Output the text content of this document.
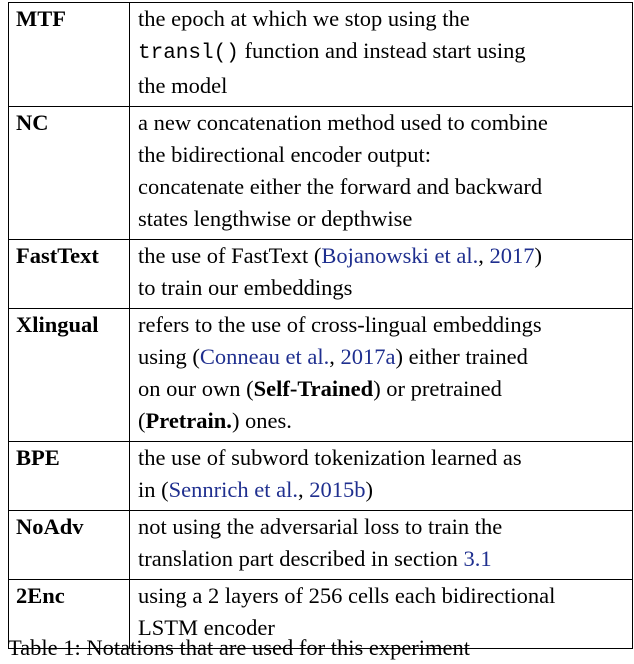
MTF	the epoch at which we stop using the
transl() function and instead start using
the model
NC	a new concatenation method used to combine
the bidirectional encoder output:
concatenate either the forward and backward
states lengthwise or depthwise
FastText	the use of FastText (Bojanowski et al., 2017)
to train our embeddings
Xlingual	refers to the use of cross-lingual embeddings
using (Conneau et al., 2017a) either trained
on our own (Self-Trained) or pretrained
(Pretrain.) ones.
BPE	the use of subword tokenization learned as
in (Sennrich et al., 2015b)
NoAdv	not using the adversarial loss to train the
translation part described in section 3.1
2Enc	using a 2 layers of 256 cells each bidirectional
LSTM encoder
Table 1: Notations that are used for this experiment
